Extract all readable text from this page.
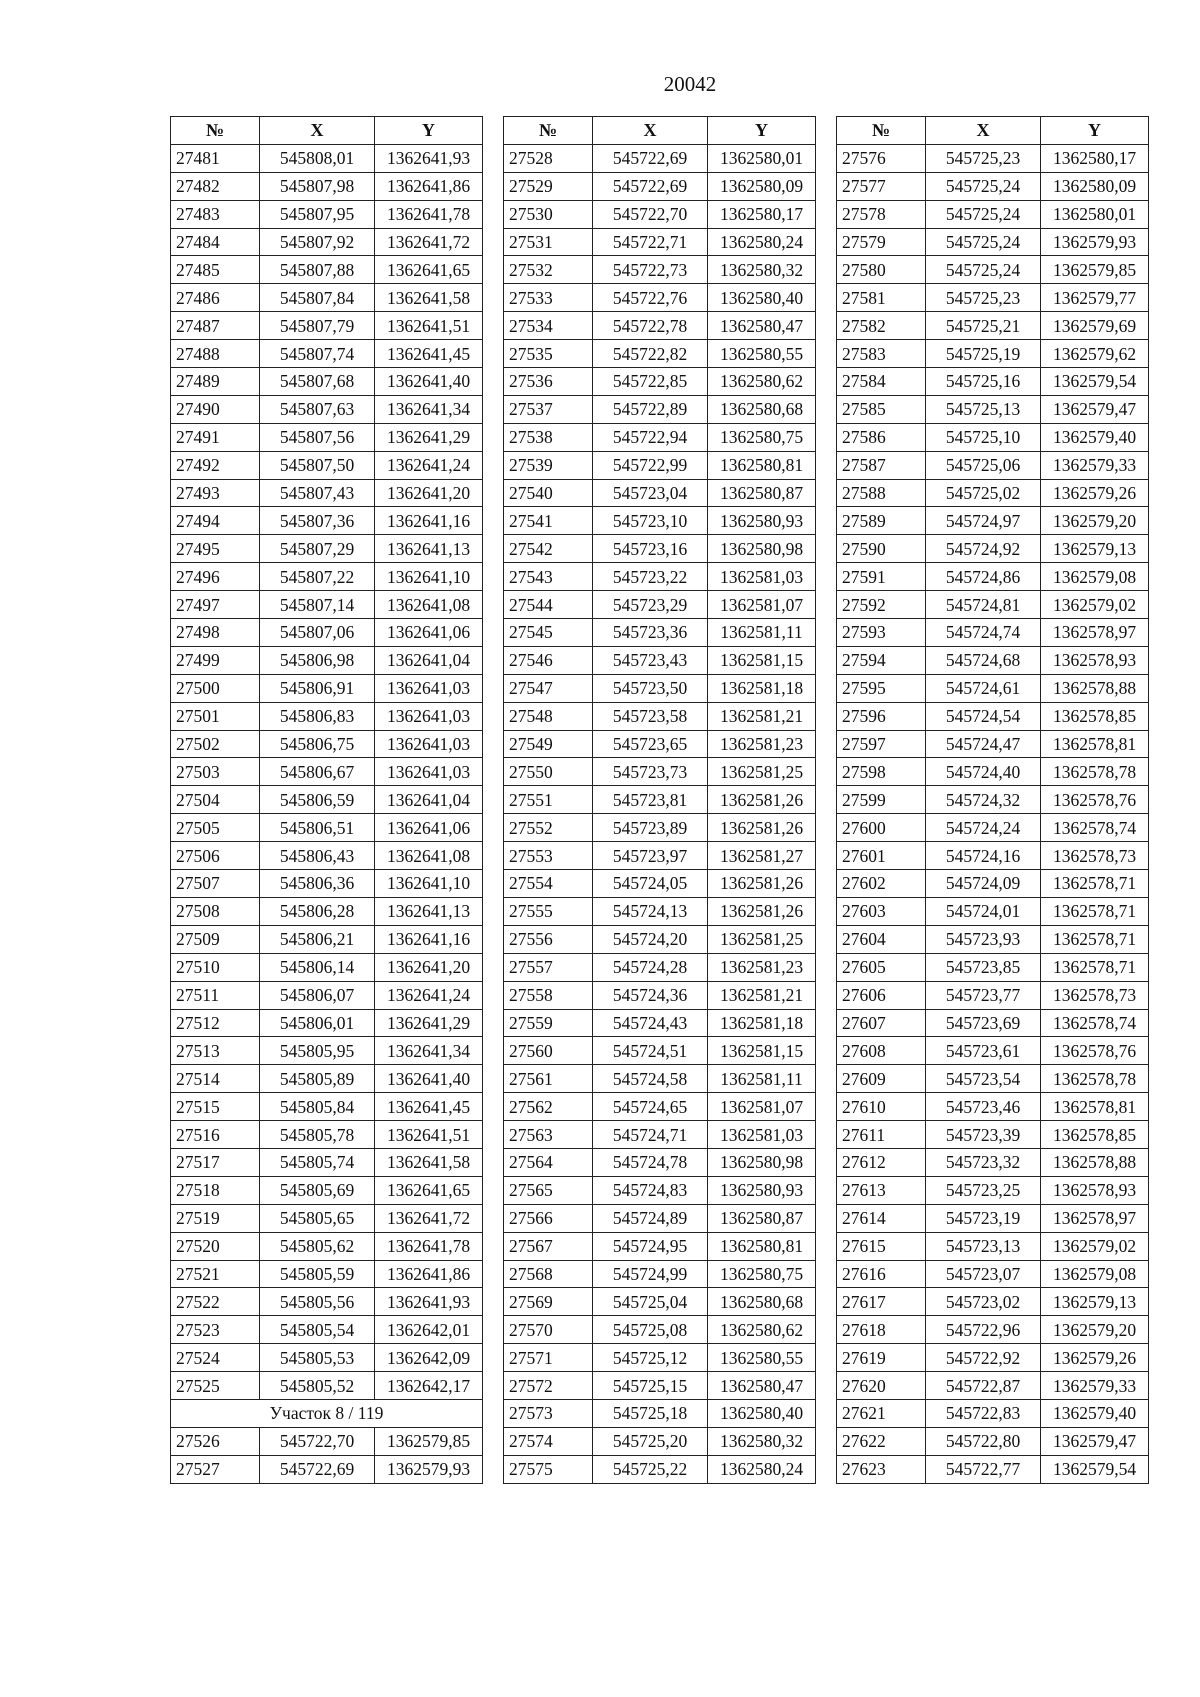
20042
№	X	Y
27481	545808,01	1362641,93
27482	545807,98	1362641,86
27483	545807,95	1362641,78
27484	545807,92	1362641,72
27485	545807,88	1362641,65
27486	545807,84	1362641,58
27487	545807,79	1362641,51
27488	545807,74	1362641,45
27489	545807,68	1362641,40
27490	545807,63	1362641,34
27491	545807,56	1362641,29
27492	545807,50	1362641,24
27493	545807,43	1362641,20
27494	545807,36	1362641,16
27495	545807,29	1362641,13
27496	545807,22	1362641,10
27497	545807,14	1362641,08
27498	545807,06	1362641,06
27499	545806,98	1362641,04
27500	545806,91	1362641,03
27501	545806,83	1362641,03
27502	545806,75	1362641,03
27503	545806,67	1362641,03
27504	545806,59	1362641,04
27505	545806,51	1362641,06
27506	545806,43	1362641,08
27507	545806,36	1362641,10
27508	545806,28	1362641,13
27509	545806,21	1362641,16
27510	545806,14	1362641,20
27511	545806,07	1362641,24
27512	545806,01	1362641,29
27513	545805,95	1362641,34
27514	545805,89	1362641,40
27515	545805,84	1362641,45
27516	545805,78	1362641,51
27517	545805,74	1362641,58
27518	545805,69	1362641,65
27519	545805,65	1362641,72
27520	545805,62	1362641,78
27521	545805,59	1362641,86
27522	545805,56	1362641,93
27523	545805,54	1362642,01
27524	545805,53	1362642,09
27525	545805,52	1362642,17
Участок 8 / 119		
27526	545722,70	1362579,85
27527	545722,69	1362579,93
№	X	Y
27528	545722,69	1362580,01
27529	545722,69	1362580,09
27530	545722,70	1362580,17
27531	545722,71	1362580,24
27532	545722,73	1362580,32
27533	545722,76	1362580,40
27534	545722,78	1362580,47
27535	545722,82	1362580,55
27536	545722,85	1362580,62
27537	545722,89	1362580,68
27538	545722,94	1362580,75
27539	545722,99	1362580,81
27540	545723,04	1362580,87
27541	545723,10	1362580,93
27542	545723,16	1362580,98
27543	545723,22	1362581,03
27544	545723,29	1362581,07
27545	545723,36	1362581,11
27546	545723,43	1362581,15
27547	545723,50	1362581,18
27548	545723,58	1362581,21
27549	545723,65	1362581,23
27550	545723,73	1362581,25
27551	545723,81	1362581,26
27552	545723,89	1362581,26
27553	545723,97	1362581,27
27554	545724,05	1362581,26
27555	545724,13	1362581,26
27556	545724,20	1362581,25
27557	545724,28	1362581,23
27558	545724,36	1362581,21
27559	545724,43	1362581,18
27560	545724,51	1362581,15
27561	545724,58	1362581,11
27562	545724,65	1362581,07
27563	545724,71	1362581,03
27564	545724,78	1362580,98
27565	545724,83	1362580,93
27566	545724,89	1362580,87
27567	545724,95	1362580,81
27568	545724,99	1362580,75
27569	545725,04	1362580,68
27570	545725,08	1362580,62
27571	545725,12	1362580,55
27572	545725,15	1362580,47
27573	545725,18	1362580,40
27574	545725,20	1362580,32
27575	545725,22	1362580,24
№	X	Y
27576	545725,23	1362580,17
27577	545725,24	1362580,09
27578	545725,24	1362580,01
27579	545725,24	1362579,93
27580	545725,24	1362579,85
27581	545725,23	1362579,77
27582	545725,21	1362579,69
27583	545725,19	1362579,62
27584	545725,16	1362579,54
27585	545725,13	1362579,47
27586	545725,10	1362579,40
27587	545725,06	1362579,33
27588	545725,02	1362579,26
27589	545724,97	1362579,20
27590	545724,92	1362579,13
27591	545724,86	1362579,08
27592	545724,81	1362579,02
27593	545724,74	1362578,97
27594	545724,68	1362578,93
27595	545724,61	1362578,88
27596	545724,54	1362578,85
27597	545724,47	1362578,81
27598	545724,40	1362578,78
27599	545724,32	1362578,76
27600	545724,24	1362578,74
27601	545724,16	1362578,73
27602	545724,09	1362578,71
27603	545724,01	1362578,71
27604	545723,93	1362578,71
27605	545723,85	1362578,71
27606	545723,77	1362578,73
27607	545723,69	1362578,74
27608	545723,61	1362578,76
27609	545723,54	1362578,78
27610	545723,46	1362578,81
27611	545723,39	1362578,85
27612	545723,32	1362578,88
27613	545723,25	1362578,93
27614	545723,19	1362578,97
27615	545723,13	1362579,02
27616	545723,07	1362579,08
27617	545723,02	1362579,13
27618	545722,96	1362579,20
27619	545722,92	1362579,26
27620	545722,87	1362579,33
27621	545722,83	1362579,40
27622	545722,80	1362579,47
27623	545722,77	1362579,54
